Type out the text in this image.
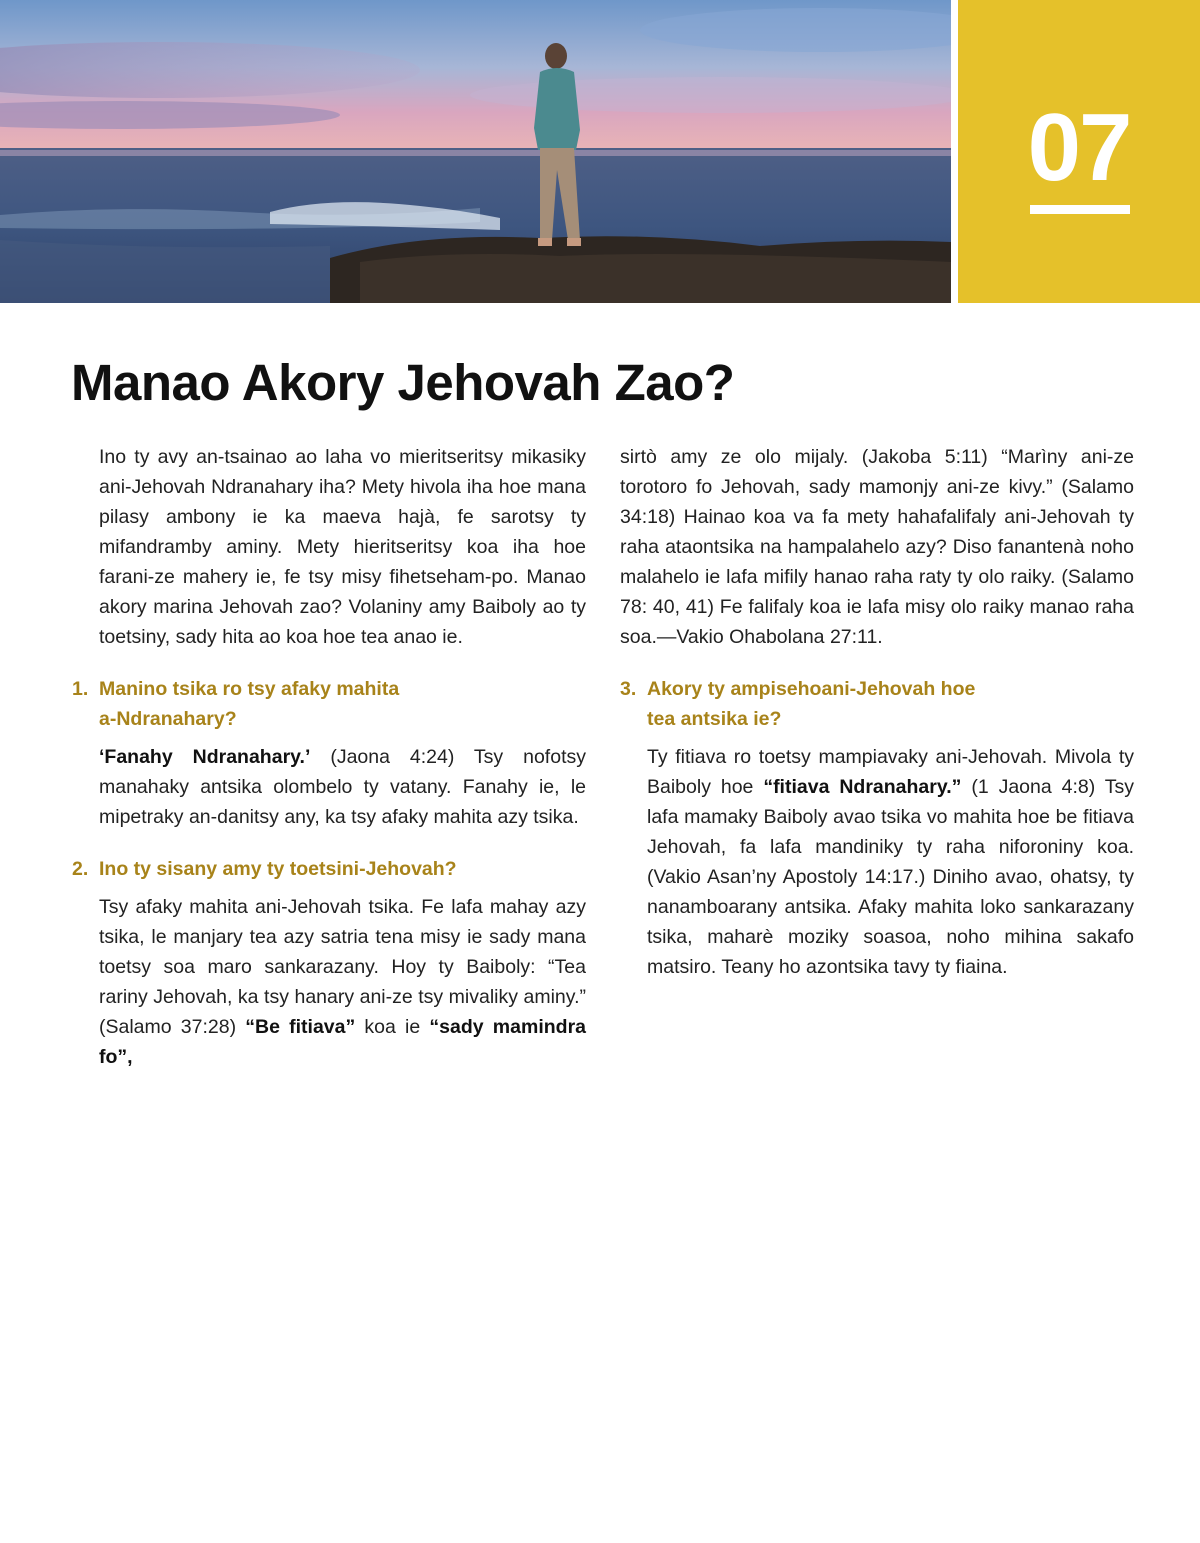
07
Manao Akory Jehovah Zao?

Ino ty avy an-tsainao ao laha vo mieritseritsy mikasiky ani-Jehovah Ndranahary iha? Mety hivola iha hoe mana pilasy ambony ie ka maeva hajà, fe sarotsy ty mifandramby aminy. Mety hieritseritsy koa iha hoe farani-ze mahery ie, fe tsy misy fihetseham-po. Manao akory marina Jehovah zao? Volaniny amy Baiboly ao ty toetsiny, sady hita ao koa hoe tea anao ie.

1. Manino tsika ro tsy afaky mahita
a-Ndranahary?

‘Fanahy Ndranahary.’ (Jaona 4:24) Tsy nofotsy manahaky antsika olombelo ty vatany. Fanahy ie, le mipetraky an-danitsy any, ka tsy afaky mahita azy tsika.

2. Ino ty sisany amy ty toetsini-Jehovah?

Tsy afaky mahita ani-Jehovah tsika. Fe lafa mahay azy tsika, le manjary tea azy satria tena misy ie sady mana toetsy soa maro sankarazany. Hoy ty Baiboly: “Tea rariny Jehovah, ka tsy hanary ani-ze tsy mivaliky aminy.” (Salamo 37:28) “Be fitiava” koa ie “sady mamindra fo”,

sirtò amy ze olo mijaly. (Jakoba 5:11) “Marìny ani-ze torotoro fo Jehovah, sady mamonjy ani-ze kivy.” (Salamo 34:18) Hainao koa va fa mety hahafalifaly ani-Jehovah ty raha ataontsika na hampalahelo azy? Diso fanantenà noho malahelo ie lafa mifily hanao raha raty ty olo raiky. (Salamo 78: 40, 41) Fe falifaly koa ie lafa misy olo raiky manao raha soa.—Vakio Ohabolana 27:11.

3. Akory ty ampisehoani-Jehovah hoe
tea antsika ie?

Ty fitiava ro toetsy mampiavaky ani-Jehovah. Mivola ty Baiboly hoe “fitiava Ndranahary.” (1 Jaona 4:8) Tsy lafa mamaky Baiboly avao tsika vo mahita hoe be fitiava Jehovah, fa lafa mandiniky ty raha niforoniny koa. (Vakio Asan’ny Apostoly 14:17.) Diniho avao, ohatsy, ty nanamboarany antsika. Afaky mahita loko sankarazany tsika, maharè moziky soasoa, noho mihina sakafo matsiro. Teany ho azontsika tavy ty fiaina.
